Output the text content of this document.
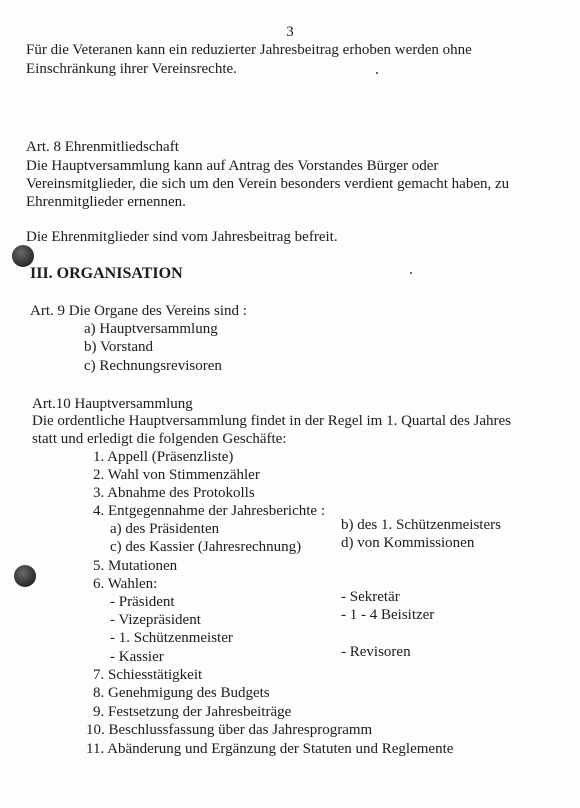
3
Für die Veteranen kann ein reduzierter Jahresbeitrag erhoben werden ohne
Einschränkung ihrer Vereinsrechte.
Art. 8 Ehrenmitliedschaft
Die Hauptversammlung kann auf Antrag des Vorstandes Bürger oder
Vereinsmitglieder, die sich um den Verein besonders verdient gemacht haben, zu
Ehrenmitglieder ernennen.
Die Ehrenmitglieder sind vom Jahresbeitrag befreit.
III. ORGANISATION
Art. 9 Die Organe des Vereins sind :
a) Hauptversammlung
b) Vorstand
c) Rechnungsrevisoren
Art.10 Hauptversammlung
Die ordentliche Hauptversammlung findet in der Regel im 1. Quartal des Jahres
statt und erledigt die folgenden Geschäfte:
1. Appell (Präsenzliste)
2. Wahl von Stimmenzähler
3. Abnahme des Protokolls
4. Entgegennahme der Jahresberichte :
a) des Präsidenten	b) des 1. Schützenmeisters
c) des Kassier (Jahresrechnung)	d) von Kommissionen
5. Mutationen
6. Wahlen:
- Präsident	- Sekretär
- Vizepräsident	- 1 - 4 Beisitzer
- 1. Schützenmeister
- Kassier	- Revisoren
7. Schiesstätigkeit
8. Genehmigung des Budgets
9. Festsetzung der Jahresbeiträge
10. Beschlussfassung über das Jahresprogramm
11. Abänderung und Ergänzung der Statuten und Reglemente
